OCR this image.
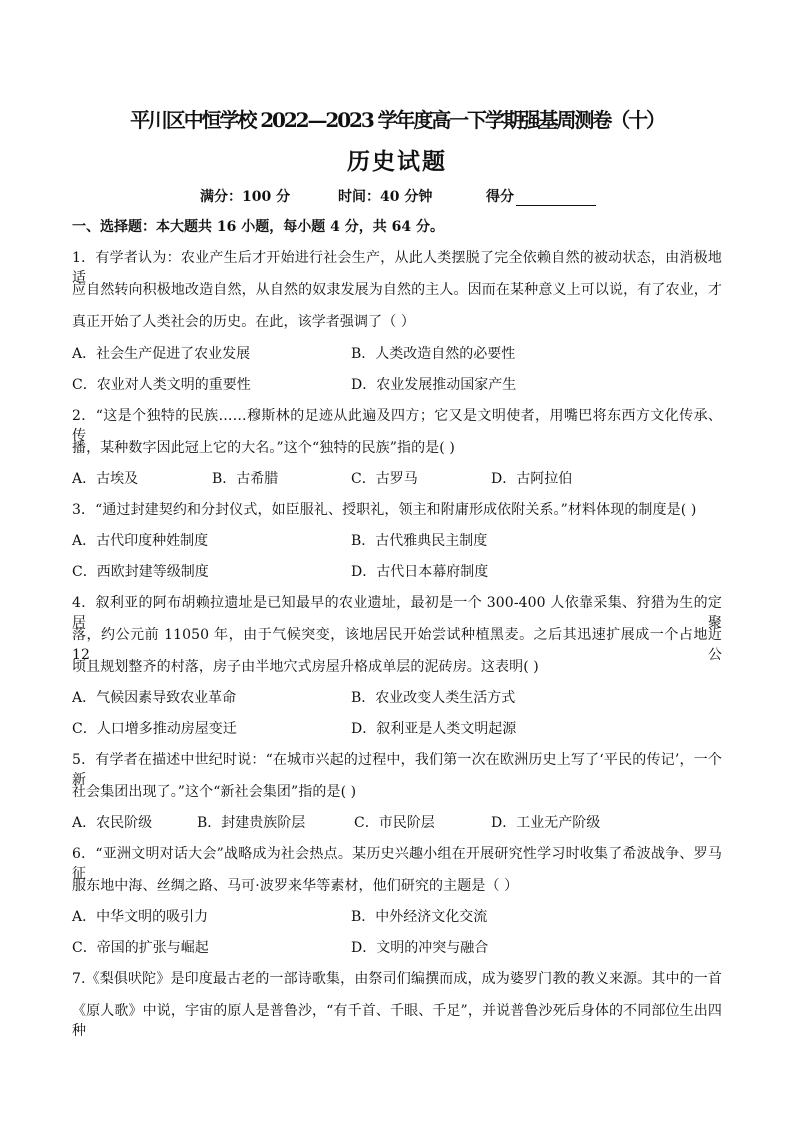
平川区中恒学校 2022—2023 学年度高一下学期强基周测卷（十）
历史试题
满分：100 分	时间：40 分钟	得分
一、选择题：本大题共 16 小题，每小题 4 分，共 64 分。
1．有学者认为：农业产生后才开始进行社会生产，从此人类摆脱了完全依赖自然的被动状态，由消极地适
应自然转向积极地改造自然，从自然的奴隶发展为自然的主人。因而在某种意义上可以说，有了农业，才
真正开始了人类社会的历史。在此，该学者强调了（ ）
A．社会生产促进了农业发展	B．人类改造自然的必要性
C．农业对人类文明的重要性	D．农业发展推动国家产生
2．“这是个独特的民族……穆斯林的足迹从此遍及四方；它又是文明使者，用嘴巴将东西方文化传承、传
播，某种数字因此冠上它的大名。”这个“独特的民族”指的是( )
A．古埃及	B．古希腊	C．古罗马	D．古阿拉伯
3．“通过封建契约和分封仪式，如臣服礼、授职礼，领主和附庸形成依附关系。”材料体现的制度是( )
A．古代印度种姓制度	B．古代雅典民主制度
C．西欧封建等级制度	D．古代日本幕府制度
4．叙利亚的阿布胡赖拉遗址是已知最早的农业遗址，最初是一个 300-400 人依靠采集、狩猎为生的定居聚
落，约公元前 11050 年，由于气候突变，该地居民开始尝试种植黑麦。之后其迅速扩展成一个占地近 12 公
顷且规划整齐的村落，房子由半地穴式房屋升格成单层的泥砖房。这表明( )
A．气候因素导致农业革命	B．农业改变人类生活方式
C．人口增多推动房屋变迁	D．叙利亚是人类文明起源
5．有学者在描述中世纪时说：“在城市兴起的过程中，我们第一次在欧洲历史上写了‘平民的传记’，一个新
社会集团出现了。”这个“新社会集团”指的是( )
A．农民阶级	B．封建贵族阶层	C．市民阶层	D．工业无产阶级
6．“亚洲文明对话大会”战略成为社会热点。某历史兴趣小组在开展研究性学习时收集了希波战争、罗马征
服东地中海、丝绸之路、马可·波罗来华等素材，他们研究的主题是（ ）
A．中华文明的吸引力	B．中外经济文化交流
C．帝国的扩张与崛起	D．文明的冲突与融合
7.《梨俱吠陀》是印度最古老的一部诗歌集，由祭司们编撰而成，成为婆罗门教的教义来源。其中的一首
《原人歌》中说，宇宙的原人是普鲁沙，“有千首、千眼、千足”，并说普鲁沙死后身体的不同部位生出四种
